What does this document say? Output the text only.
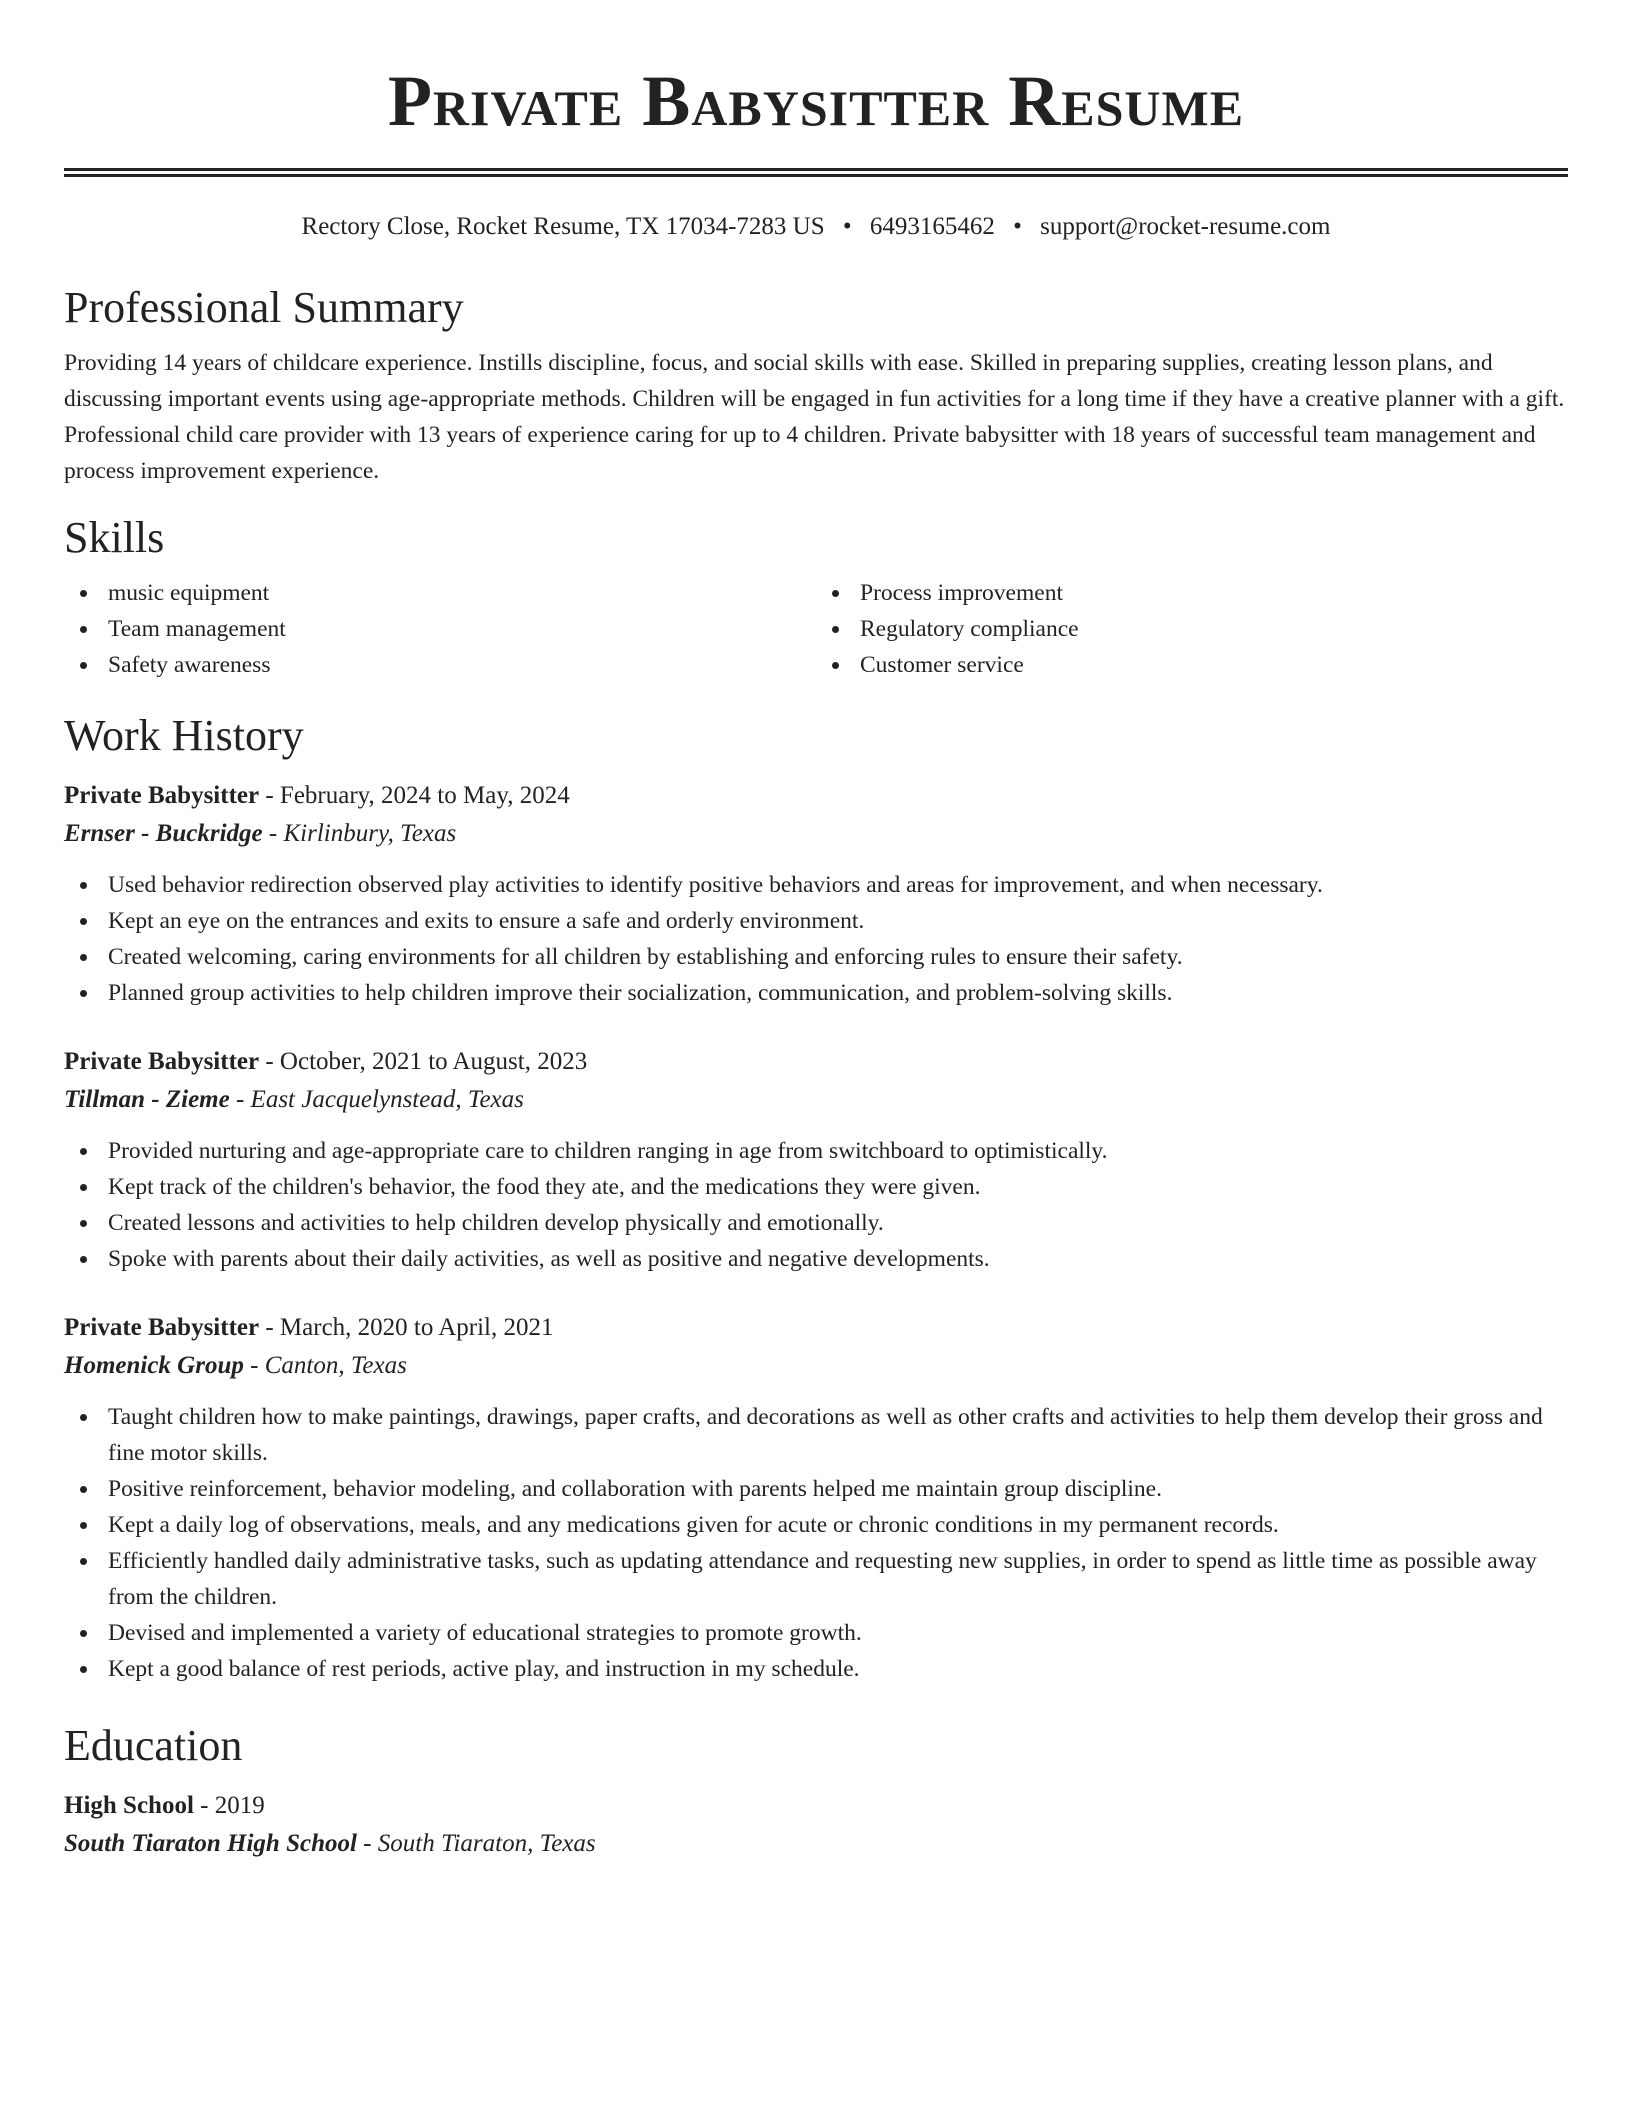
Private Babysitter Resume
Rectory Close, Rocket Resume, TX 17034-7283 US • 6493165462 • support@rocket-resume.com
Professional Summary

Providing 14 years of childcare experience. Instills discipline, focus, and social skills with ease. Skilled in preparing supplies, creating lesson plans, and discussing important events using age-appropriate methods. Children will be engaged in fun activities for a long time if they have a creative planner with a gift. Professional child care provider with 13 years of experience caring for up to 4 children. Private babysitter with 18 years of successful team management and process improvement experience.

Skills
music equipment
Team management
Safety awareness
Process improvement
Regulatory compliance
Customer service
Work History
Private Babysitter - February, 2024 to May, 2024
Ernser - Buckridge - Kirlinbury, Texas
Used behavior redirection observed play activities to identify positive behaviors and areas for improvement, and when necessary.
Kept an eye on the entrances and exits to ensure a safe and orderly environment.
Created welcoming, caring environments for all children by establishing and enforcing rules to ensure their safety.
Planned group activities to help children improve their socialization, communication, and problem-solving skills.
Private Babysitter - October, 2021 to August, 2023
Tillman - Zieme - East Jacquelynstead, Texas
Provided nurturing and age-appropriate care to children ranging in age from switchboard to optimistically.
Kept track of the children's behavior, the food they ate, and the medications they were given.
Created lessons and activities to help children develop physically and emotionally.
Spoke with parents about their daily activities, as well as positive and negative developments.
Private Babysitter - March, 2020 to April, 2021
Homenick Group - Canton, Texas
Taught children how to make paintings, drawings, paper crafts, and decorations as well as other crafts and activities to help them develop their gross and fine motor skills.
Positive reinforcement, behavior modeling, and collaboration with parents helped me maintain group discipline.
Kept a daily log of observations, meals, and any medications given for acute or chronic conditions in my permanent records.
Efficiently handled daily administrative tasks, such as updating attendance and requesting new supplies, in order to spend as little time as possible away from the children.
Devised and implemented a variety of educational strategies to promote growth.
Kept a good balance of rest periods, active play, and instruction in my schedule.
Education
High School - 2019
South Tiaraton High School - South Tiaraton, Texas
